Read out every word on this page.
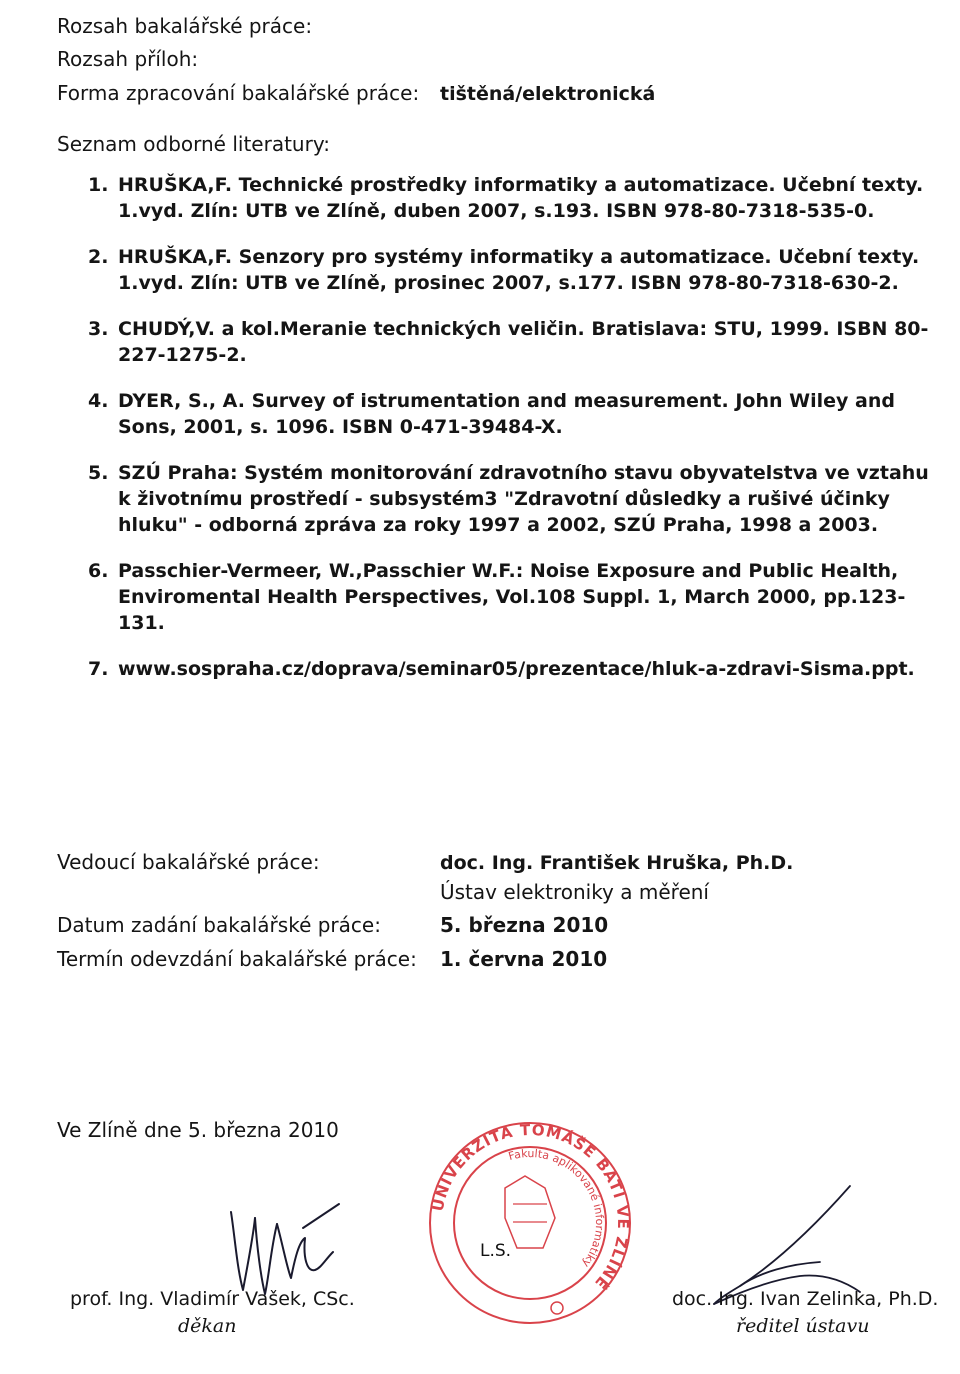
Rozsah bakalářské práce:
Rozsah příloh:
Forma zpracování bakalářské práce: tištěná/elektronická
Seznam odborné literatury:
1. HRUŠKA,F. Technické prostředky informatiky a automatizace. Učební texty. 1.vyd. Zlín: UTB ve Zlíně, duben 2007, s.193. ISBN 978-80-7318-535-0.
2. HRUŠKA,F. Senzory pro systémy informatiky a automatizace. Učební texty. 1.vyd. Zlín: UTB ve Zlíně, prosinec 2007, s.177. ISBN 978-80-7318-630-2.
3. CHUDÝ,V. a kol.Meranie technických veličin. Bratislava: STU, 1999. ISBN 80-227-1275-2.
4. DYER, S., A. Survey of istrumentation and measurement. John Wiley and Sons, 2001, s. 1096. ISBN 0-471-39484-X.
5. SZÚ Praha: Systém monitorování zdravotního stavu obyvatelstva ve vztahu k životnímu prostředí - subsystém3 "Zdravotní důsledky a rušivé účinky hluku" - odborná zpráva za roky 1997 a 2002, SZÚ Praha, 1998 a 2003.
6. Passchier-Vermeer, W.,Passchier W.F.: Noise Exposure and Public Health, Enviromental Health Perspectives, Vol.108 Suppl. 1, March 2000, pp.123-131.
7. www.sospraha.cz/doprava/seminar05/prezentace/hluk-a-zdravi-Sisma.ppt.
Vedoucí bakalářské práce:	doc. Ing. František Hruška, Ph.D.
Ústav elektroniky a měření
Datum zadání bakalářské práce:	5. března 2010
Termín odevzdání bakalářské práce: 1. června 2010
Ve Zlíně dne 5. března 2010
prof. Ing. Vladimír Vašek, CSc.
děkan
UNIVERZITA TOMÁŠE BATI VE ZLÍNĚ
Fakulta aplikované informatiky
L.S.
doc. Ing. Ivan Zelinka, Ph.D.
ředitel ústavu
